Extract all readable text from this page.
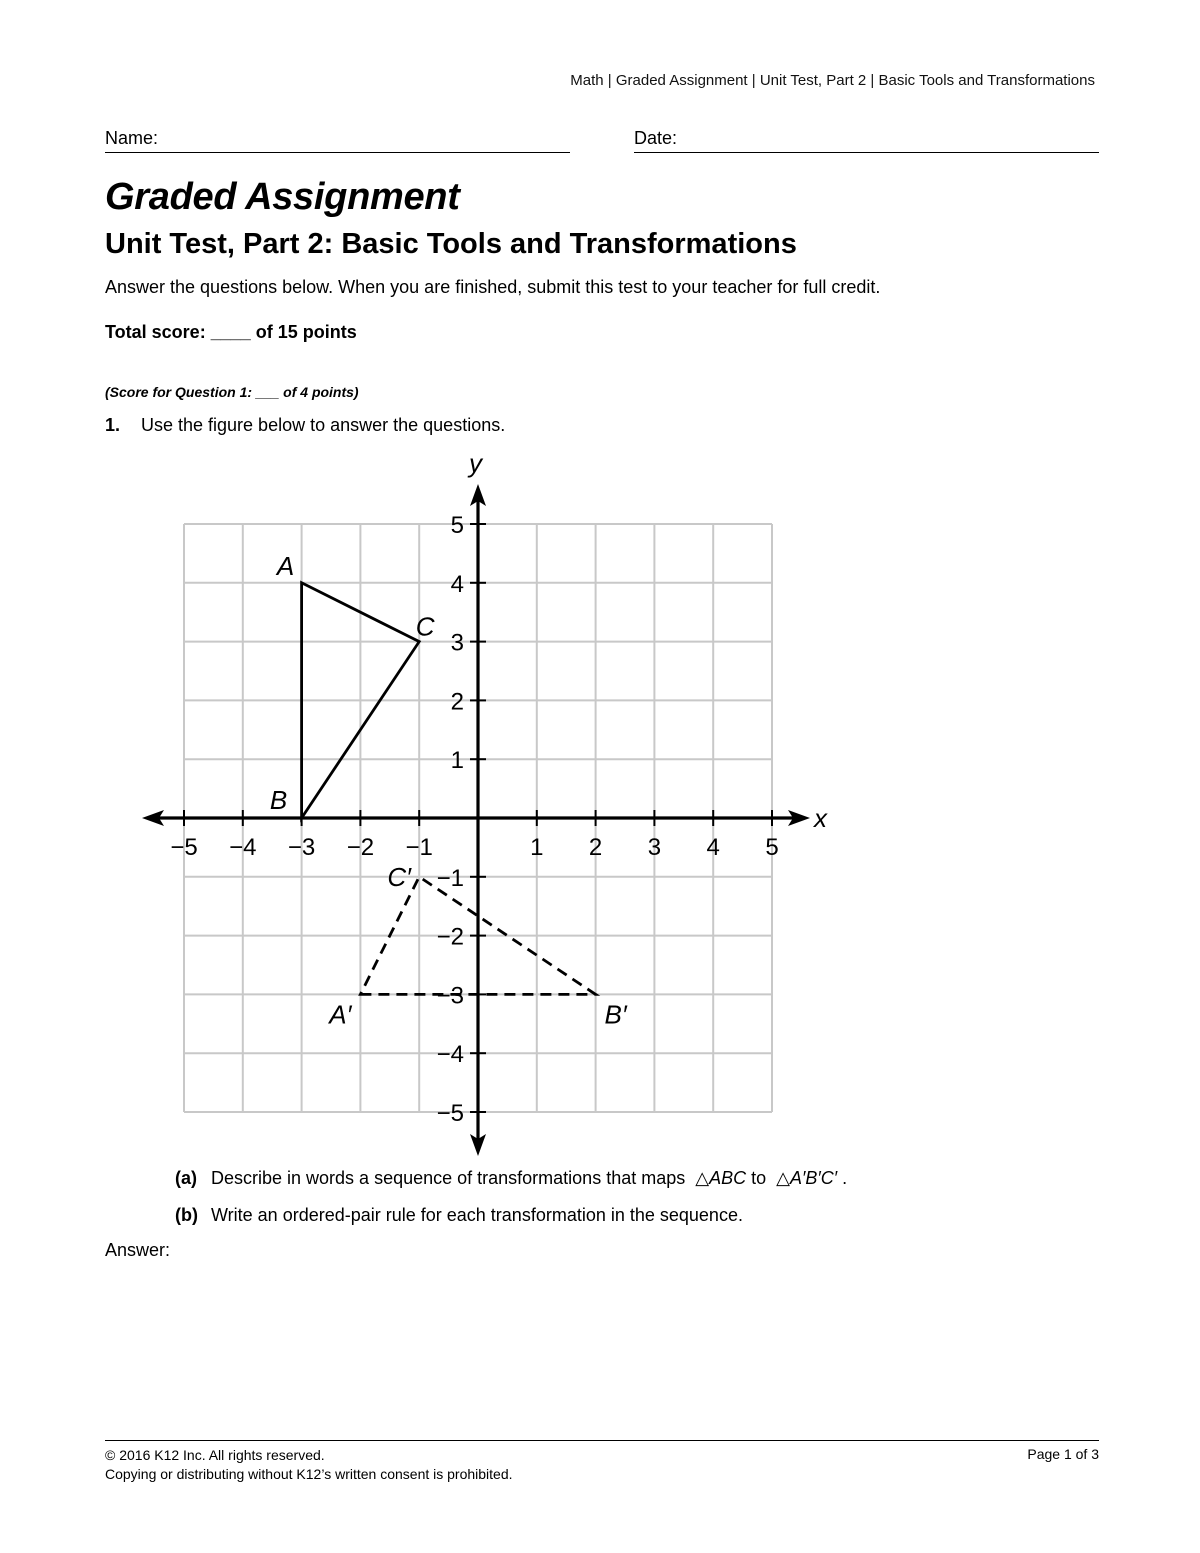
Math | Graded Assignment | Unit Test, Part 2 | Basic Tools and Transformations
Name:	Date:
Graded Assignment
Unit Test, Part 2: Basic Tools and Transformations
Answer the questions below. When you are finished, submit this test to your teacher for full credit.
Total score: ____ of 15 points
(Score for Question 1: ___ of 4 points)
1. Use the figure below to answer the questions.
−5 −4 −3 −2 −1	1 2 3 4 5
5
4
3
2
1
−1
−2
−3
−4
−5
A
B
C
A′	B′
C′
x
y
(a) Describe in words a sequence of transformations that maps △ABC to △A′B′C′ .
(b) Write an ordered-pair rule for each transformation in the sequence.
Answer:
© 2016 K12 Inc. All rights reserved.
Copying or distributing without K12’s written consent is prohibited.
Page 1 of 3
